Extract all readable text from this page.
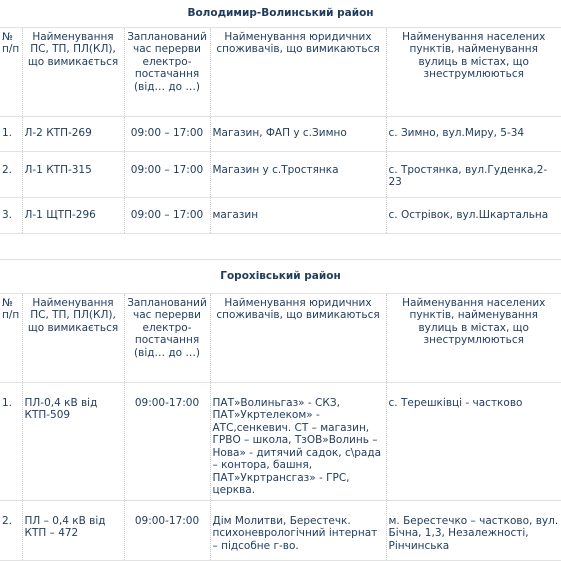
Володимир-Волинський район				
№п/п	Найменування ПС, ТП, ПЛ(КЛ), що вимикається	Запланований час перерви електро-постачання (від… до …)	Найменування юридичних споживачів, що вимикаються	Найменування населених пунктів, найменування вулиць в містах, що знеструмлюються
1.	Л-2 КТП-269	09:00 – 17:00	Магазин, ФАП у с.Зимно	с. Зимно, вул.Миру, 5-34
2.	Л-1 КТП-315	09:00 – 17:00	Магазин у с.Тростянка	с. Тростянка, вул.Гуденка,2-23
3.	Л-1 ЩТП-296	09:00 – 17:00	магазин	с. Острівок, вул.Шкартальна

Горохівський район				
№п/п	Найменування ПС, ТП, ПЛ(КЛ), що вимикається	Запланований час перерви електро-постачання (від… до …)	Найменування юридичних споживачів, що вимикаються	Найменування населених пунктів, найменування вулиць в містах, що знеструмлюються
1.	ПЛ-0,4 кВ від КТП-509	09:00-17:00	ПАТ»Волиньгаз» - СКЗ, ПАТ»Укртелеком» - АТС,сенкевич. СТ – магазин, ГРВО – школа, ТзОВ»Волинь – Нова» - дитячий садок, с\рада – контора, башня, ПАТ»Укртрансгаз» - ГРС, церква.	с. Терешківці - частково
2.	ПЛ – 0,4 кВ від КТП – 472	09:00-17:00	Дім Молитви, Берестечк. психоневрологічний інтернат – підсобне г-во.	м. Берестечко – частково, вул. Бічна, 1,3, Незалежності, Рінчинська
